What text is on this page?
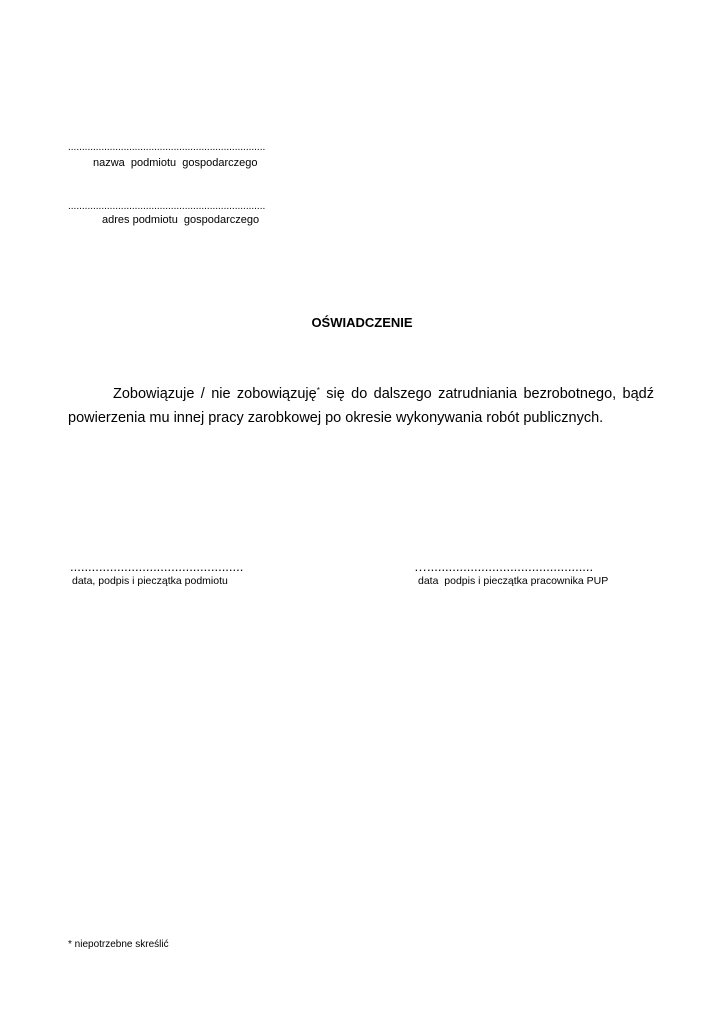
.......................................................................
nazwa  podmiotu  gospodarczego
.......................................................................
adres podmiotu  gospodarczego
OŚWIADCZENIE
Zobowiązuje / nie zobowiązuję* się do dalszego zatrudniania bezrobotnego, bądź
powierzenia mu innej pracy zarobkowej po okresie wykonywania robót publicznych.
................................................
data, podpis i pieczątka podmiotu
…..............................................
data  podpis i pieczątka pracownika PUP
* niepotrzebne skreślić
